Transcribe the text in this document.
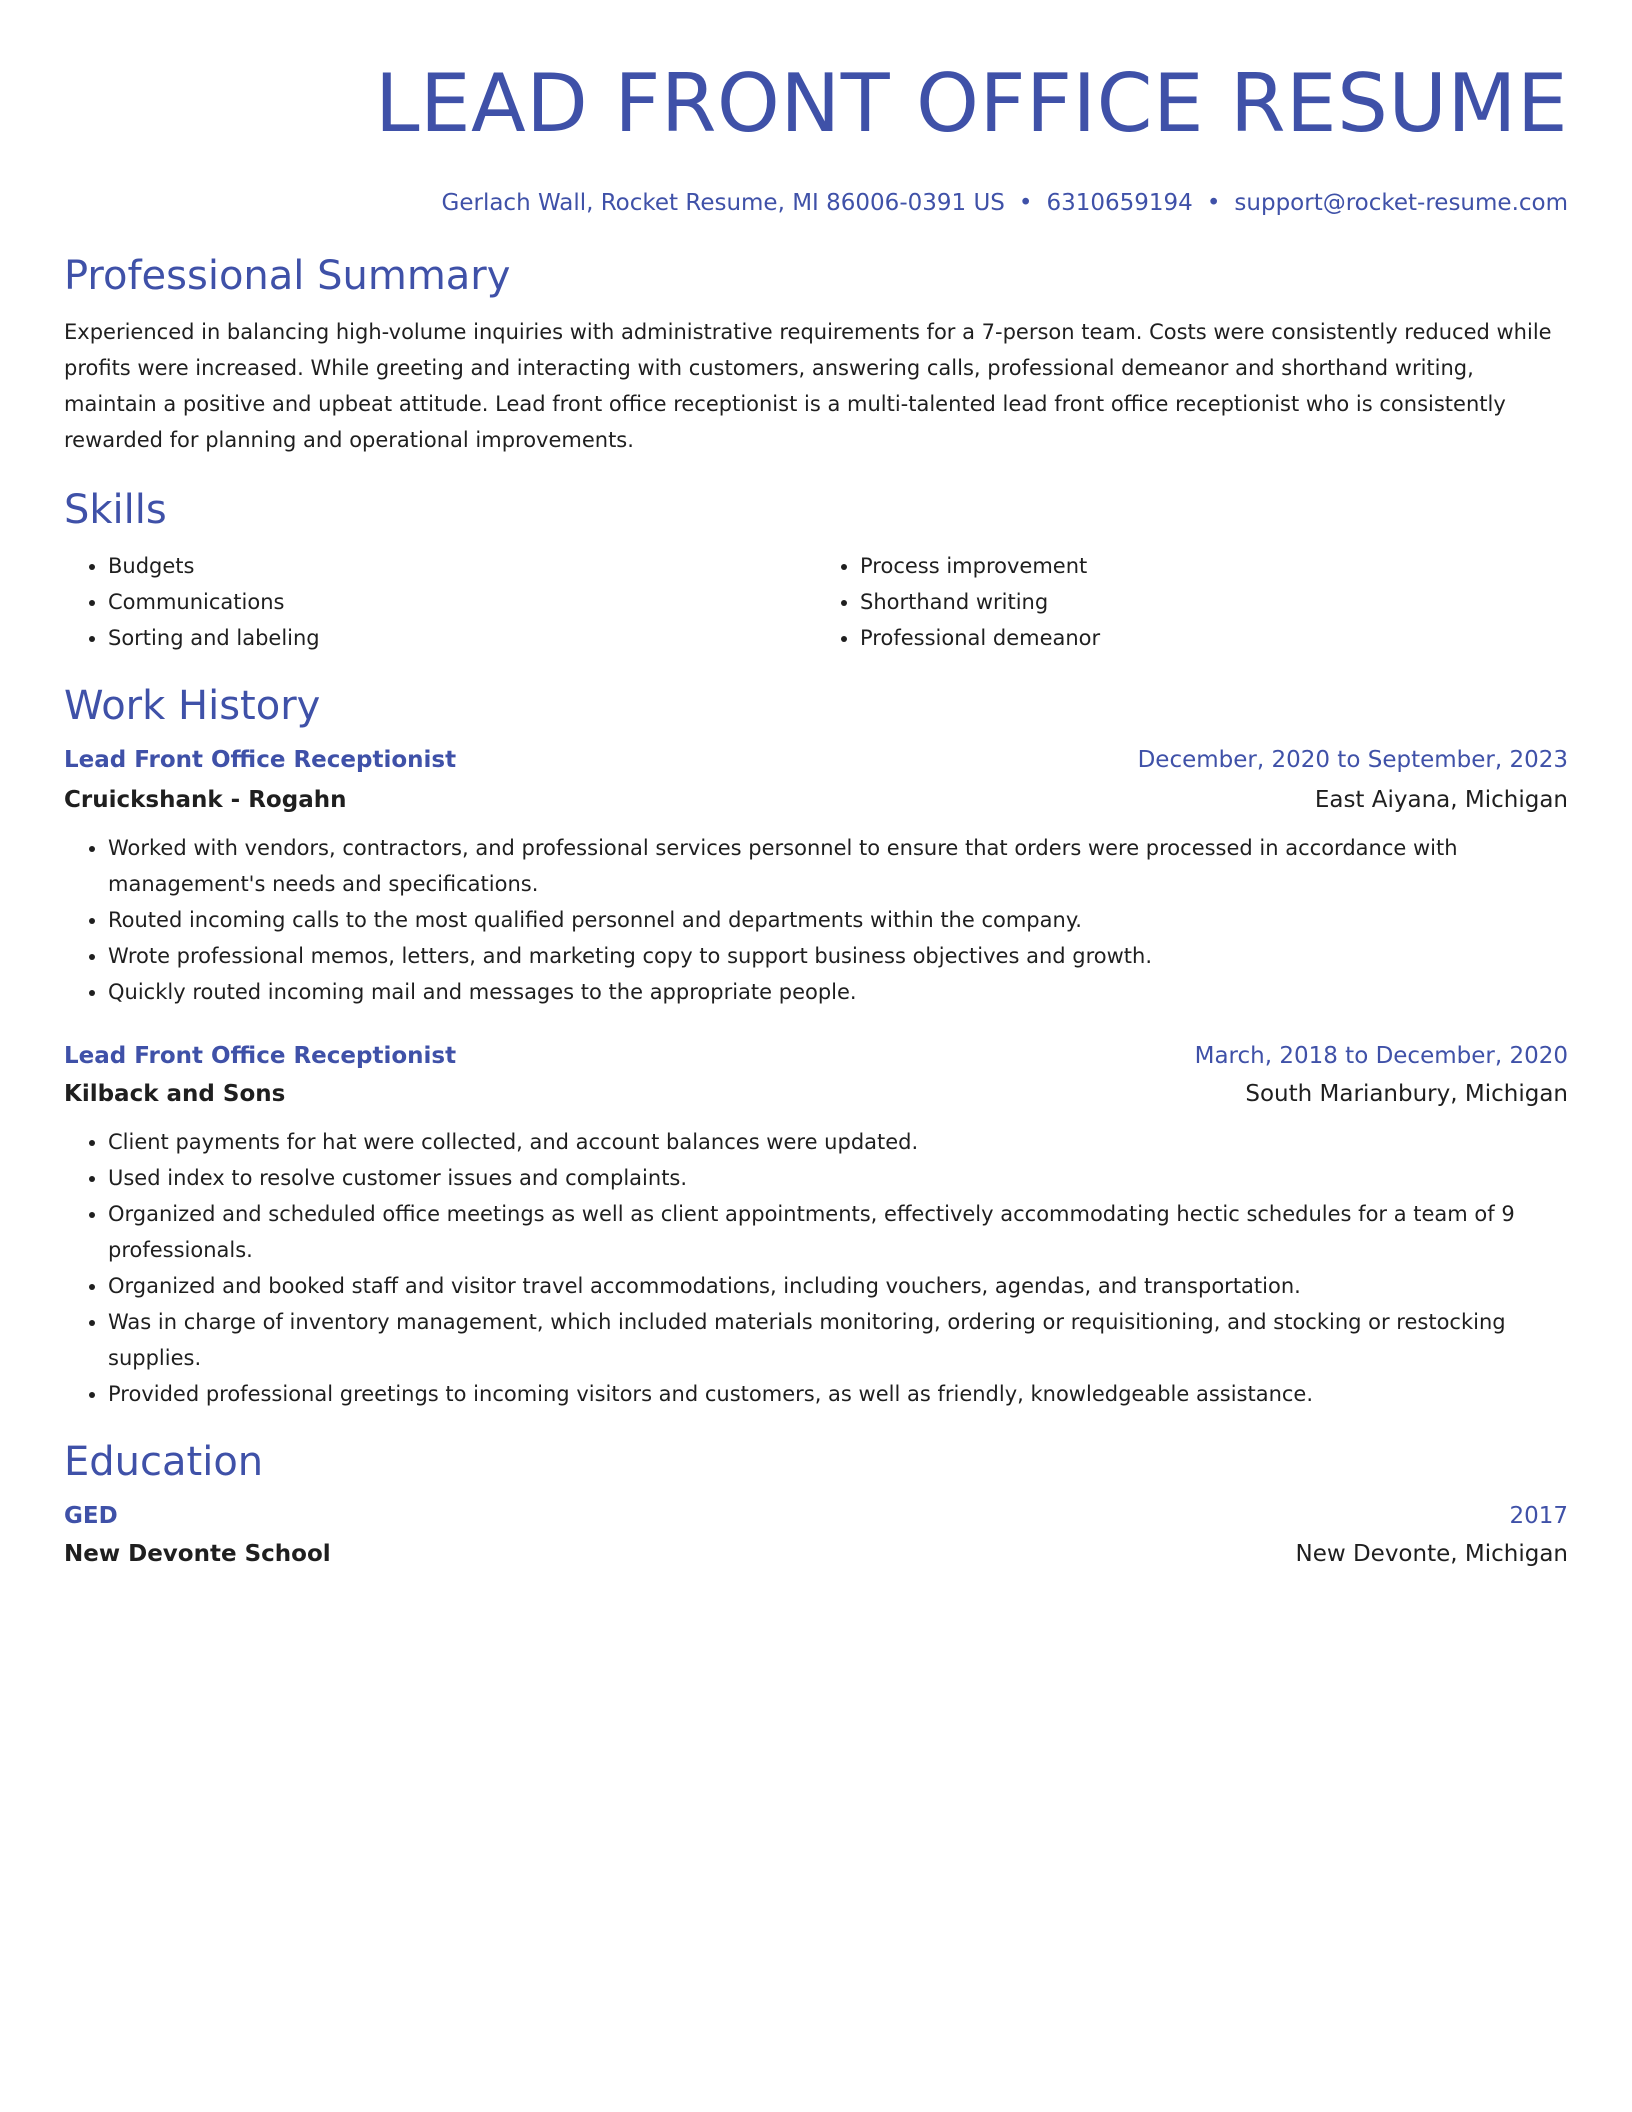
LEAD FRONT OFFICE RESUME
Gerlach Wall, Rocket Resume, MI 86006-0391 US • 6310659194 • support@rocket-resume.com
Professional Summary
Experienced in balancing high-volume inquiries with administrative requirements for a 7-person team. Costs were consistently reduced while profits were increased. While greeting and interacting with customers, answering calls, professional demeanor and shorthand writing, maintain a positive and upbeat attitude. Lead front office receptionist is a multi-talented lead front office receptionist who is consistently rewarded for planning and operational improvements.
Skills
• Budgets
• Communications
• Sorting and labeling
• Process improvement
• Shorthand writing
• Professional demeanor
Work History
Lead Front Office Receptionist	December, 2020 to September, 2023
Cruickshank - Rogahn	East Aiyana, Michigan
• Worked with vendors, contractors, and professional services personnel to ensure that orders were processed in accordance with management's needs and specifications.
• Routed incoming calls to the most qualified personnel and departments within the company.
• Wrote professional memos, letters, and marketing copy to support business objectives and growth.
• Quickly routed incoming mail and messages to the appropriate people.
Lead Front Office Receptionist	March, 2018 to December, 2020
Kilback and Sons	South Marianbury, Michigan
• Client payments for hat were collected, and account balances were updated.
• Used index to resolve customer issues and complaints.
• Organized and scheduled office meetings as well as client appointments, effectively accommodating hectic schedules for a team of 9 professionals.
• Organized and booked staff and visitor travel accommodations, including vouchers, agendas, and transportation.
• Was in charge of inventory management, which included materials monitoring, ordering or requisitioning, and stocking or restocking supplies.
• Provided professional greetings to incoming visitors and customers, as well as friendly, knowledgeable assistance.
Education
GED	2017
New Devonte School	New Devonte, Michigan
